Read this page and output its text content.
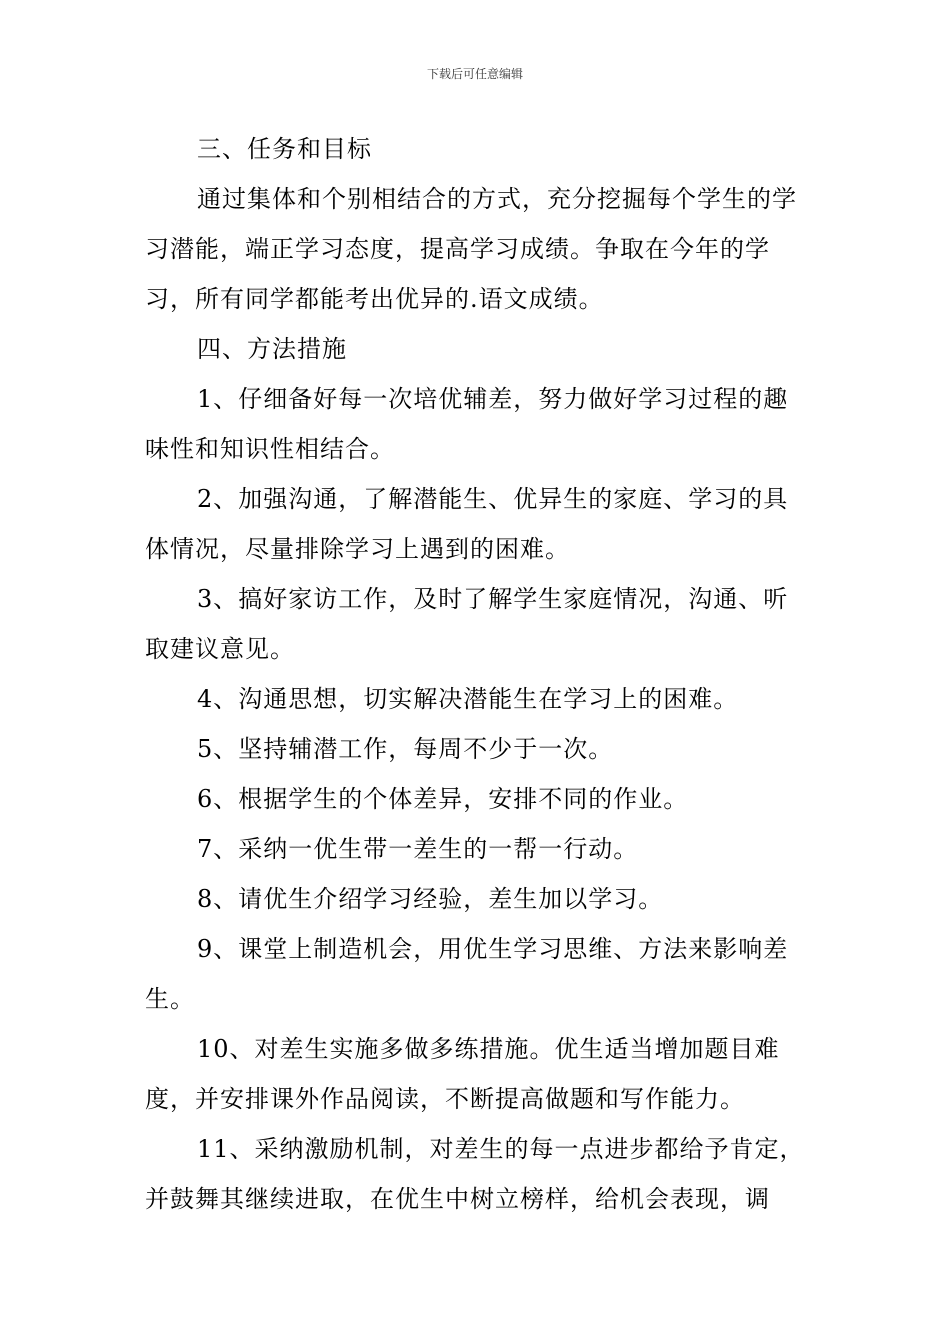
下载后可任意编辑

三、任务和目标

通过集体和个别相结合的方式，充分挖掘每个学生的学习潜能，端正学习态度，提高学习成绩。争取在今年的学习，所有同学都能考出优异的.语文成绩。

四、方法措施

1、仔细备好每一次培优辅差，努力做好学习过程的趣味性和知识性相结合。

2、加强沟通，了解潜能生、优异生的家庭、学习的具体情况，尽量排除学习上遇到的困难。

3、搞好家访工作，及时了解学生家庭情况，沟通、听取建议意见。

4、沟通思想，切实解决潜能生在学习上的困难。

5、坚持辅潜工作，每周不少于一次。

6、根据学生的个体差异，安排不同的作业。

7、采纳一优生带一差生的一帮一行动。

8、请优生介绍学习经验，差生加以学习。

9、课堂上制造机会，用优生学习思维、方法来影响差生。

10、对差生实施多做多练措施。优生适当增加题目难度，并安排课外作品阅读，不断提高做题和写作能力。

11、采纳激励机制，对差生的每一点进步都给予肯定，并鼓舞其继续进取，在优生中树立榜样，给机会表现，调
